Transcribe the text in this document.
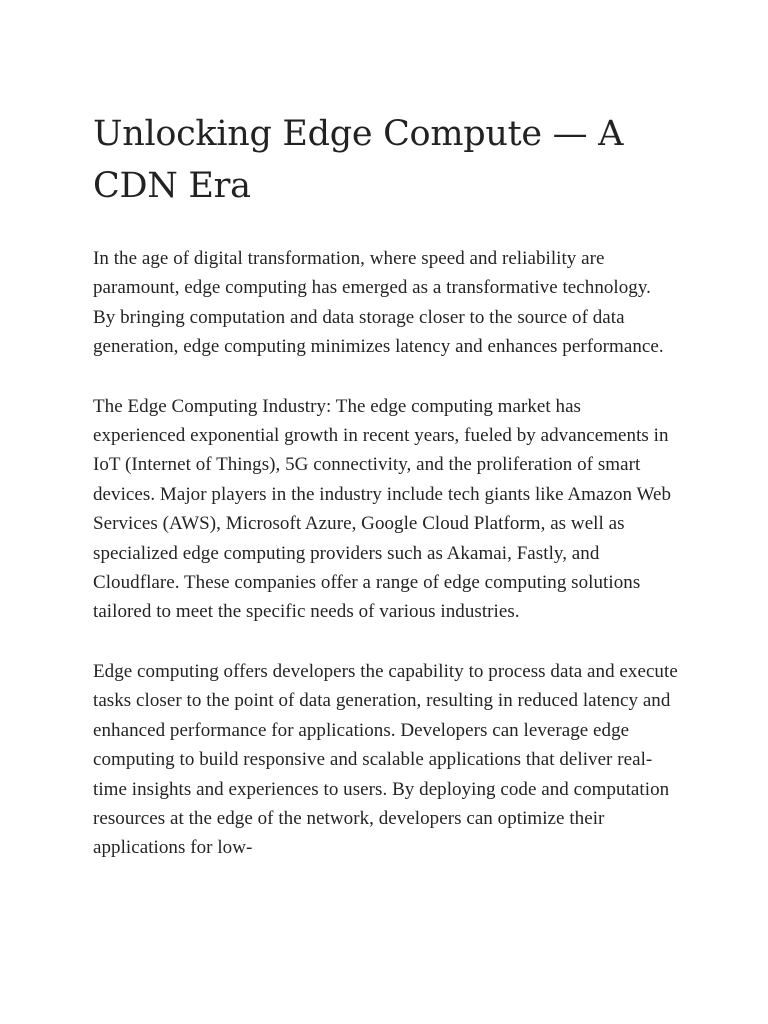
Unlocking Edge Compute — A CDN Era

In the age of digital transformation, where speed and reliability are paramount, edge computing has emerged as a transformative technology. By bringing computation and data storage closer to the source of data generation, edge computing minimizes latency and enhances performance.

The Edge Computing Industry: The edge computing market has experienced exponential growth in recent years, fueled by advancements in IoT (Internet of Things), 5G connectivity, and the proliferation of smart devices. Major players in the industry include tech giants like Amazon Web Services (AWS), Microsoft Azure, Google Cloud Platform, as well as specialized edge computing providers such as Akamai, Fastly, and Cloudflare. These companies offer a range of edge computing solutions tailored to meet the specific needs of various industries.

Edge computing offers developers the capability to process data and execute tasks closer to the point of data generation, resulting in reduced latency and enhanced performance for applications. Developers can leverage edge computing to build responsive and scalable applications that deliver real-time insights and experiences to users. By deploying code and computation resources at the edge of the network, developers can optimize their applications for low-
